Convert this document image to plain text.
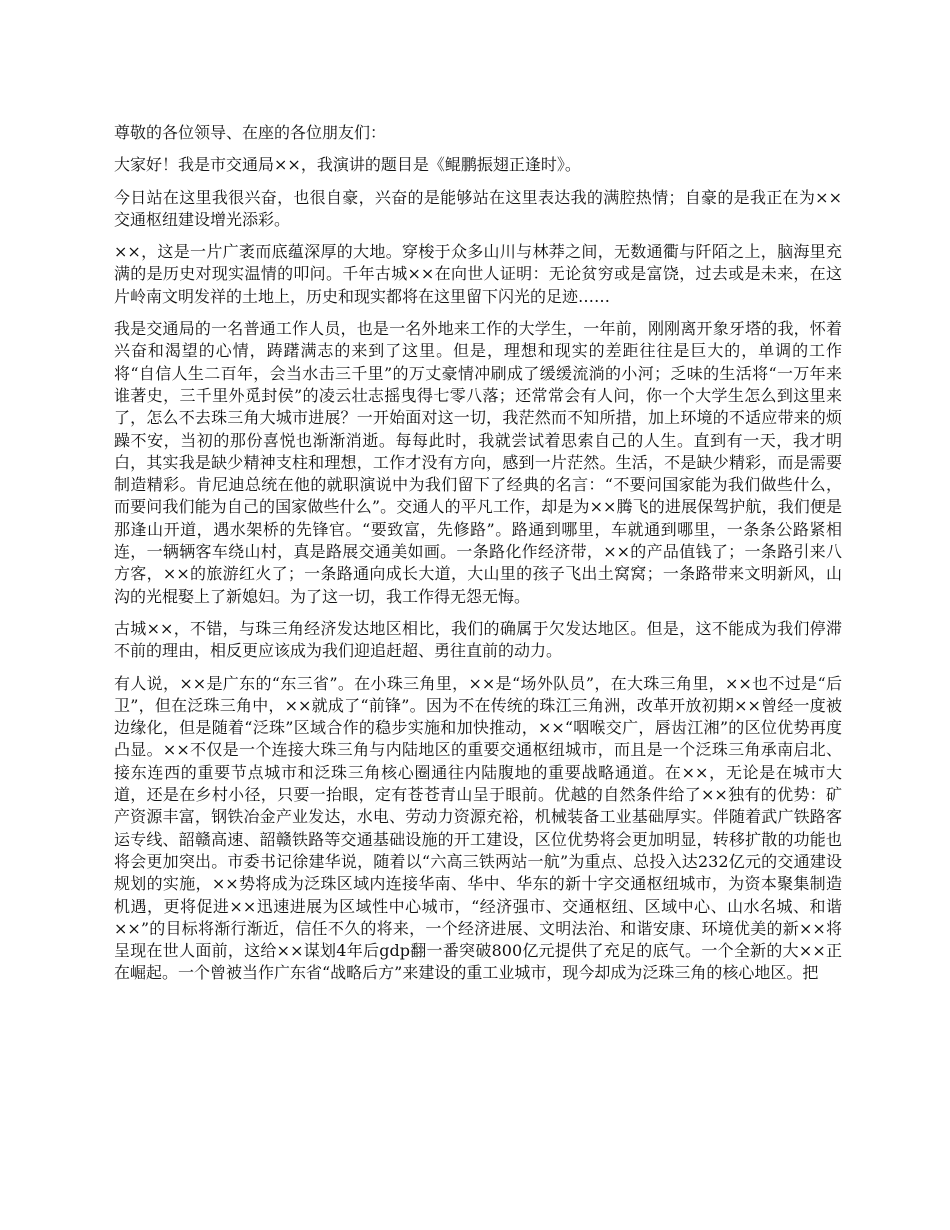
尊敬的各位领导、在座的各位朋友们：

大家好！我是市交通局××，我演讲的题目是《鲲鹏振翅正逢时》。

今日站在这里我很兴奋，也很自豪，兴奋的是能够站在这里表达我的满腔热情；自豪的是我正在为××交通枢纽建设增光添彩。

××，这是一片广袤而底蕴深厚的大地。穿梭于众多山川与林莽之间，无数通衢与阡陌之上，脑海里充满的是历史对现实温情的叩问。千年古城××在向世人证明：无论贫穷或是富饶，过去或是未来，在这片岭南文明发祥的土地上，历史和现实都将在这里留下闪光的足迹……

我是交通局的一名普通工作人员，也是一名外地来工作的大学生，一年前，刚刚离开象牙塔的我，怀着兴奋和渴望的心情，踌躇满志的来到了这里。但是，理想和现实的差距往往是巨大的，单调的工作将“自信人生二百年，会当水击三千里”的万丈豪情冲刷成了缓缓流淌的小河；乏味的生活将“一万年来谁著史，三千里外觅封侯”的凌云壮志摇曳得七零八落；还常常会有人问，你一个大学生怎么到这里来了，怎么不去珠三角大城市进展？一开始面对这一切，我茫然而不知所措，加上环境的不适应带来的烦躁不安，当初的那份喜悦也渐渐消逝。每每此时，我就尝试着思索自己的人生。直到有一天，我才明白，其实我是缺少精神支柱和理想，工作才没有方向，感到一片茫然。生活，不是缺少精彩，而是需要制造精彩。肯尼迪总统在他的就职演说中为我们留下了经典的名言：“不要问国家能为我们做些什么，而要问我们能为自己的国家做些什么”。交通人的平凡工作，却是为××腾飞的进展保驾护航，我们便是那逢山开道，遇水架桥的先锋官。“要致富，先修路”。路通到哪里，车就通到哪里，一条条公路紧相连，一辆辆客车绕山村，真是路展交通美如画。一条路化作经济带，××的产品值钱了；一条路引来八方客，××的旅游红火了；一条路通向成长大道，大山里的孩子飞出土窝窝；一条路带来文明新风，山沟的光棍娶上了新媳妇。为了这一切，我工作得无怨无悔。

古城××，不错，与珠三角经济发达地区相比，我们的确属于欠发达地区。但是，这不能成为我们停滞不前的理由，相反更应该成为我们迎追赶超、勇往直前的动力。

有人说，××是广东的“东三省”。在小珠三角里，××是“场外队员”，在大珠三角里，××也不过是“后卫”，但在泛珠三角中，××就成了“前锋”。因为不在传统的珠江三角洲，改革开放初期××曾经一度被边缘化，但是随着“泛珠”区域合作的稳步实施和加快推动，××“咽喉交广，唇齿江湘”的区位优势再度凸显。××不仅是一个连接大珠三角与内陆地区的重要交通枢纽城市，而且是一个泛珠三角承南启北、接东连西的重要节点城市和泛珠三角核心圈通往内陆腹地的重要战略通道。在××，无论是在城市大道，还是在乡村小径，只要一抬眼，定有苍苍青山呈于眼前。优越的自然条件给了××独有的优势：矿产资源丰富，钢铁冶金产业发达，水电、劳动力资源充裕，机械装备工业基础厚实。伴随着武广铁路客运专线、韶赣高速、韶赣铁路等交通基础设施的开工建设，区位优势将会更加明显，转移扩散的功能也将会更加突出。市委书记徐建华说，随着以“六高三铁两站一航”为重点、总投入达232亿元的交通建设规划的实施，××势将成为泛珠区域内连接华南、华中、华东的新十字交通枢纽城市，为资本聚集制造机遇，更将促进××迅速进展为区域性中心城市，“经济强市、交通枢纽、区域中心、山水名城、和谐××”的目标将渐行渐近，信任不久的将来，一个经济进展、文明法治、和谐安康、环境优美的新××将呈现在世人面前，这给××谋划4年后gdp翻一番突破800亿元提供了充足的底气。一个全新的大××正在崛起。一个曾被当作广东省“战略后方”来建设的重工业城市，现今却成为泛珠三角的核心地区。把
